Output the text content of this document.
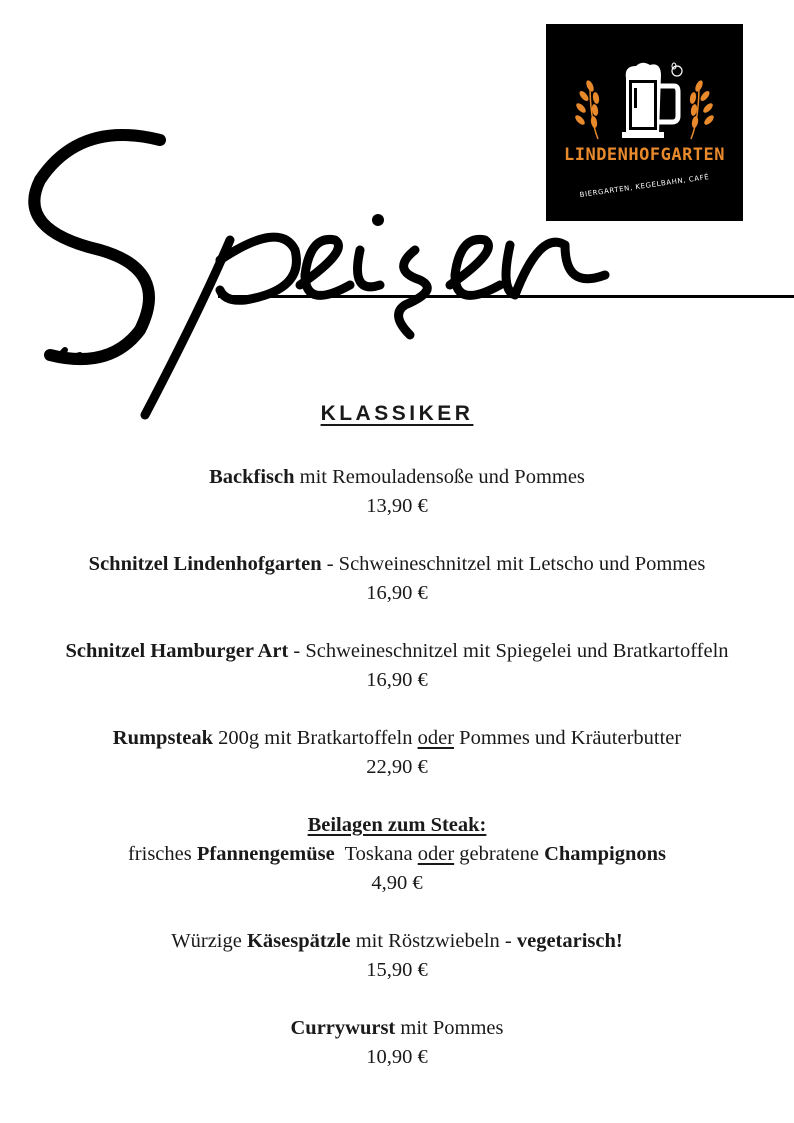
LINDENHOFGARTEN
BIERGARTEN, KEGELBAHN, CAFÉ
KLASSIKER
Backfisch mit Remouladensoße und Pommes
13,90 €
Schnitzel Lindenhofgarten - Schweineschnitzel mit Letscho und Pommes
16,90 €
Schnitzel Hamburger Art - Schweineschnitzel mit Spiegelei und Bratkartoffeln
16,90 €
Rumpsteak 200g mit Bratkartoffeln oder Pommes und Kräuterbutter
22,90 €
Beilagen zum Steak:
frisches Pfannengemüse  Toskana oder gebratene Champignons
4,90 €
Würzige Käsespätzle mit Röstzwiebeln - vegetarisch!
15,90 €
Currywurst mit Pommes
10,90 €
